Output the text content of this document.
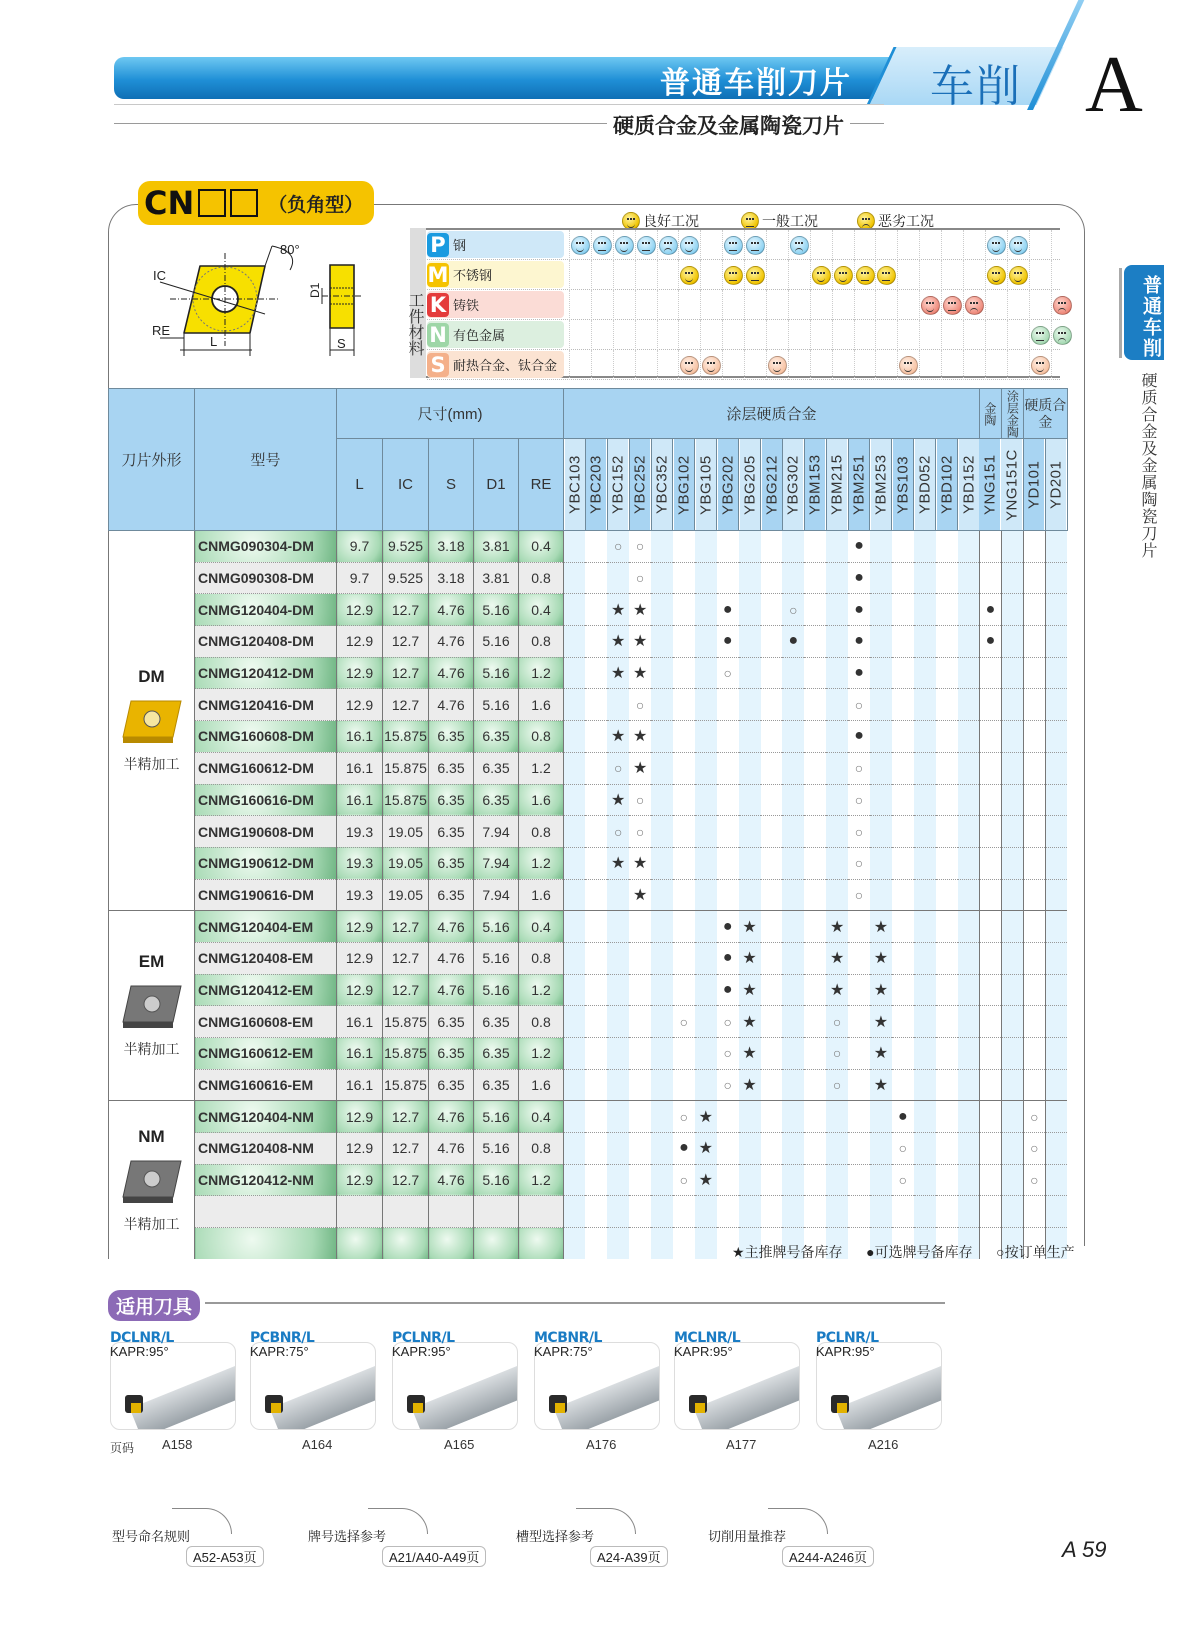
普通车削刀片 车削 A
硬质合金及金属陶瓷刀片
普通车削
硬质合金及金属陶瓷刀片
CN	（负角型）
80°
IC
RE
L
D1
S
良好工况	一般工况	恶劣工况
P 钢
M 不锈钢
K 铸铁
N 有色金属
S 耐热合金、钛合金
工件材料
刀片外形	型号	尺寸(mm)					涂层硬质合金																			金陶	涂层金陶	硬质合金	
		L	IC	S	D1	RE	YBC103	YBC203	YBC152	YBC252	YBC352	YBG102	YBG105	YBG202	YBG205	YBG212	YBG302	YBM153	YBM215	YBM251	YBM253	YBS103	YBD052	YBD102	YBD152	YNG151	YNG151C	YD101	YD201

DM
半精加工	CNMG090304-DM	9.7	9.525	3.18	3.81	0.4			○	○										●									
	CNMG090308-DM	9.7	9.525	3.18	3.81	0.8				○										●									
	CNMG120404-DM	12.9	12.7	4.76	5.16	0.4			★	★				●			○			●						●			
	CNMG120408-DM	12.9	12.7	4.76	5.16	0.8			★	★				●			●			●						●			
	CNMG120412-DM	12.9	12.7	4.76	5.16	1.2			★	★				○						●									
	CNMG120416-DM	12.9	12.7	4.76	5.16	1.6				○										○									
	CNMG160608-DM	16.1	15.875	6.35	6.35	0.8			★	★										●									
	CNMG160612-DM	16.1	15.875	6.35	6.35	1.2			○	★										○									
	CNMG160616-DM	16.1	15.875	6.35	6.35	1.6			★	○										○									
	CNMG190608-DM	19.3	19.05	6.35	7.94	0.8			○	○										○									
	CNMG190612-DM	19.3	19.05	6.35	7.94	1.2			★	★										○									
	CNMG190616-DM	19.3	19.05	6.35	7.94	1.6				★										○									

EM
半精加工	CNMG120404-EM	12.9	12.7	4.76	5.16	0.4								●	★				★		★								
	CNMG120408-EM	12.9	12.7	4.76	5.16	0.8								●	★				★		★								
	CNMG120412-EM	12.9	12.7	4.76	5.16	1.2								●	★				★		★								
	CNMG160608-EM	16.1	15.875	6.35	6.35	0.8						○		○	★				○		★								
	CNMG160612-EM	16.1	15.875	6.35	6.35	1.2								○	★				○		★								
	CNMG160616-EM	16.1	15.875	6.35	6.35	1.6								○	★				○		★								

NM
半精加工	CNMG120404-NM	12.9	12.7	4.76	5.16	0.4						○	★									●						○	
	CNMG120408-NM	12.9	12.7	4.76	5.16	0.8						●	★									○						○	
	CNMG120412-NM	12.9	12.7	4.76	5.16	1.2						○	★									○						○	

★主推牌号备库存 ●可选牌号备库存 ○按订单生产
适用刀具
DCLNR/L
KAPR:95°
A158
PCBNR/L
KAPR:75°
A164
PCLNR/L
KAPR:95°
A165
MCBNR/L
KAPR:75°
A176
MCLNR/L
KAPR:95°
A177
PCLNR/L
KAPR:95°
A216
页码
型号命名规则
A52-A53页
牌号选择参考
A21/A40-A49页
槽型选择参考
A24-A39页
切削用量推荐
A244-A246页	A 59
